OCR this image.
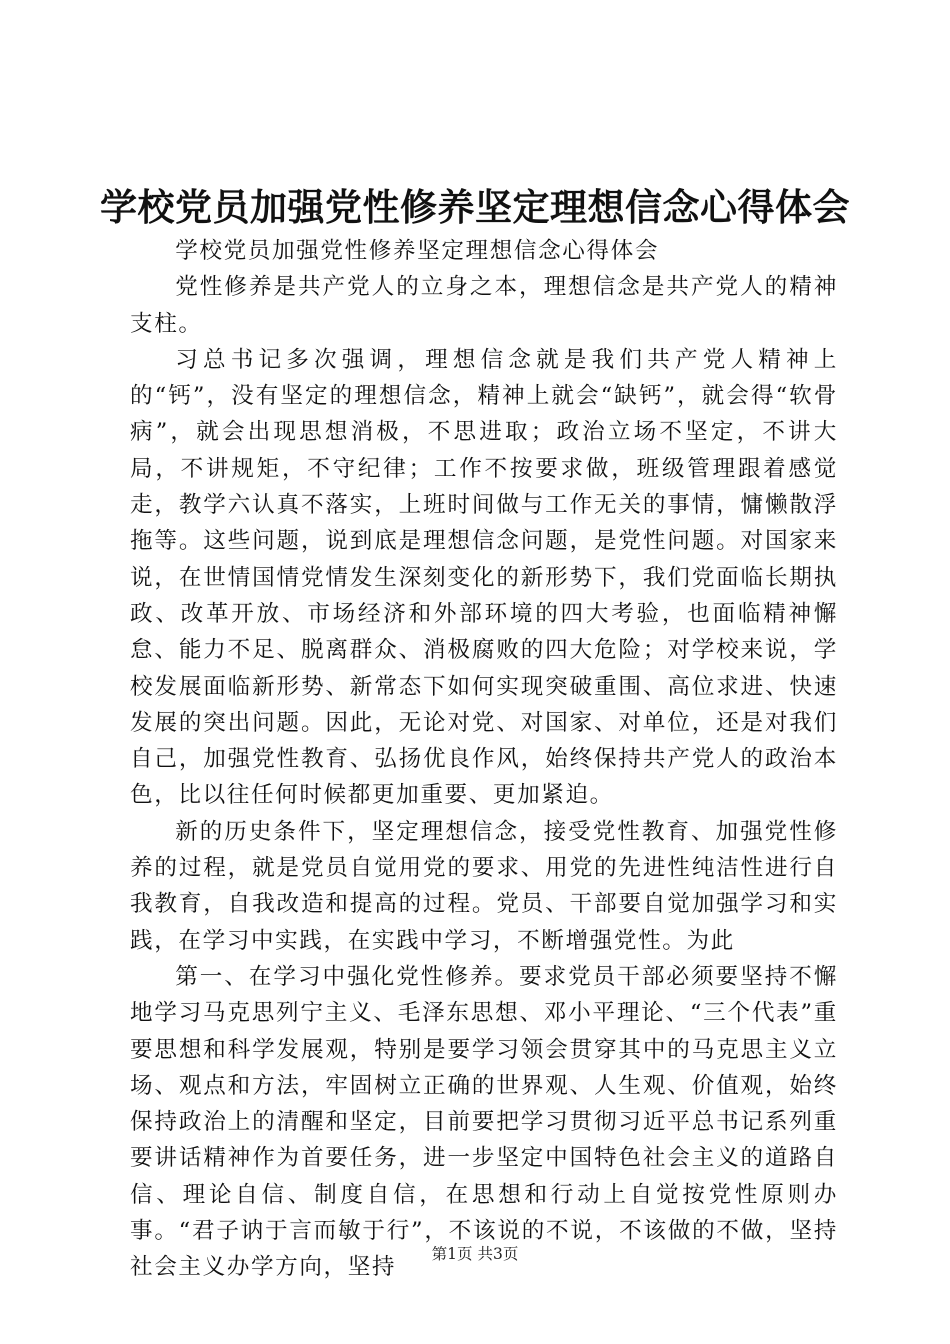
学校党员加强党性修养坚定理想信念心得体会

学校党员加强党性修养坚定理想信念心得体会

党性修养是共产党人的立身之本，理想信念是共产党人的精神支柱。

习总书记多次强调，理想信念就是我们共产党人精神上的“钙”，没有坚定的理想信念，精神上就会“缺钙”，就会得“软骨病”，就会出现思想消极，不思进取；政治立场不坚定，不讲大局，不讲规矩，不守纪律；工作不按要求做，班级管理跟着感觉走，教学六认真不落实，上班时间做与工作无关的事情，慵懒散浮拖等。这些问题，说到底是理想信念问题，是党性问题。对国家来说，在世情国情党情发生深刻变化的新形势下，我们党面临长期执政、改革开放、市场经济和外部环境的四大考验，也面临精神懈怠、能力不足、脱离群众、消极腐败的四大危险；对学校来说，学校发展面临新形势、新常态下如何实现突破重围、高位求进、快速发展的突出问题。因此，无论对党、对国家、对单位，还是对我们自己，加强党性教育、弘扬优良作风，始终保持共产党人的政治本色，比以往任何时候都更加重要、更加紧迫。

新的历史条件下，坚定理想信念，接受党性教育、加强党性修养的过程，就是党员自觉用党的要求、用党的先进性纯洁性进行自我教育，自我改造和提高的过程。党员、干部要自觉加强学习和实践，在学习中实践，在实践中学习，不断增强党性。为此

第一、在学习中强化党性修养。要求党员干部必须要坚持不懈地学习马克思列宁主义、毛泽东思想、邓小平理论、“三个代表”重要思想和科学发展观，特别是要学习领会贯穿其中的马克思主义立场、观点和方法，牢固树立正确的世界观、人生观、价值观，始终保持政治上的清醒和坚定，目前要把学习贯彻习近平总书记系列重要讲话精神作为首要任务，进一步坚定中国特色社会主义的道路自信、理论自信、制度自信，在思想和行动上自觉按党性原则办事。“君子讷于言而敏于行”，不该说的不说，不该做的不做，坚持社会主义办学方向，坚持

第1页 共3页
